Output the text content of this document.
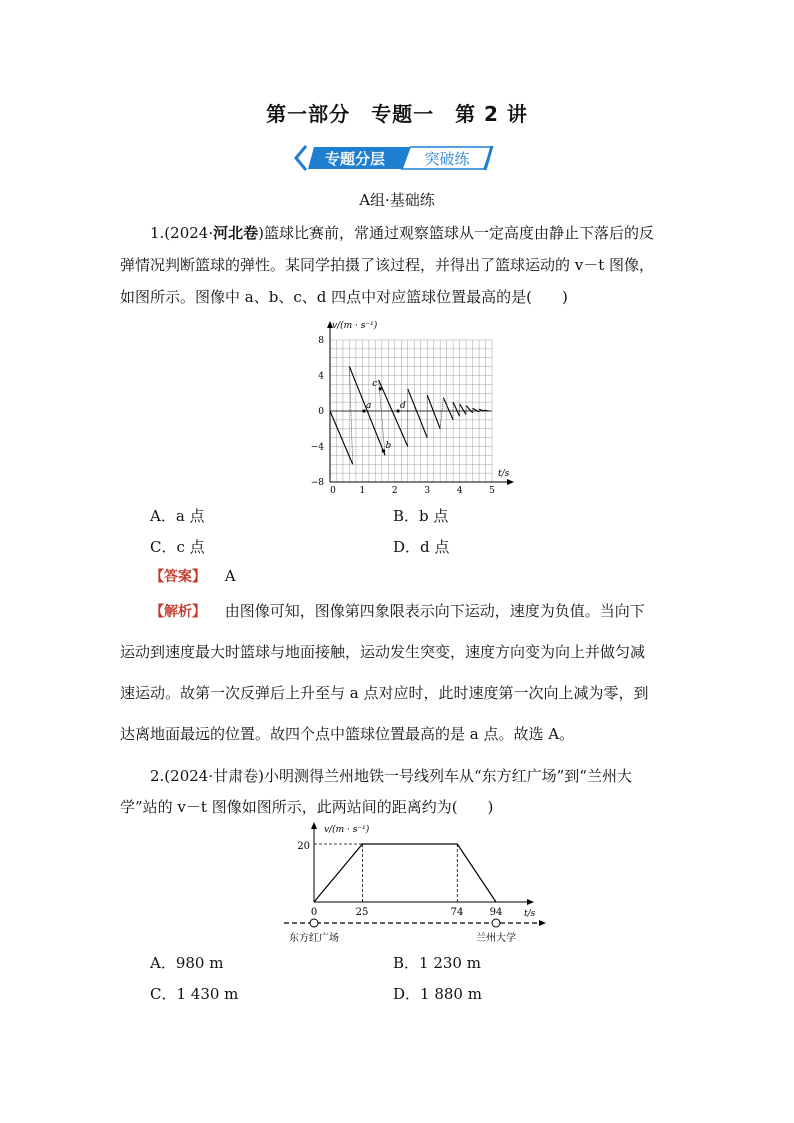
第一部分　专题一　第 2 讲
专题分层	突破练
A组·基础练
1.(2024·河北卷)篮球比赛前，常通过观察篮球从一定高度由静止下落后的反
弹情况判断篮球的弹性。某同学拍摄了该过程，并得出了篮球运动的 v－t 图像，
如图所示。图像中 a、b、c、d 四点中对应篮球位置最高的是(　　)
a
b
c
d
8
4
0
−4
−8
0	1	2	3	4	5
v/(m · s⁻¹)
t/s
A．a 点	B．b 点
C．c 点	D．d 点
【答案】 A
【解析】 由图像可知，图像第四象限表示向下运动，速度为负值。当向下
运动到速度最大时篮球与地面接触，运动发生突变，速度方向变为向上并做匀减
速运动。故第一次反弹后上升至与 a 点对应时，此时速度第一次向上减为零，到
达离地面最远的位置。故四个点中篮球位置最高的是 a 点。故选 A。
2.(2024·甘肃卷)小明测得兰州地铁一号线列车从“东方红广场”到“兰州大
学”站的 v－t 图像如图所示，此两站间的距离约为(　　)
v/(m · s⁻¹)
t/s
20
0	25	74	94
东方红广场	兰州大学
A．980 m	B．1 230 m
C．1 430 m	D．1 880 m
